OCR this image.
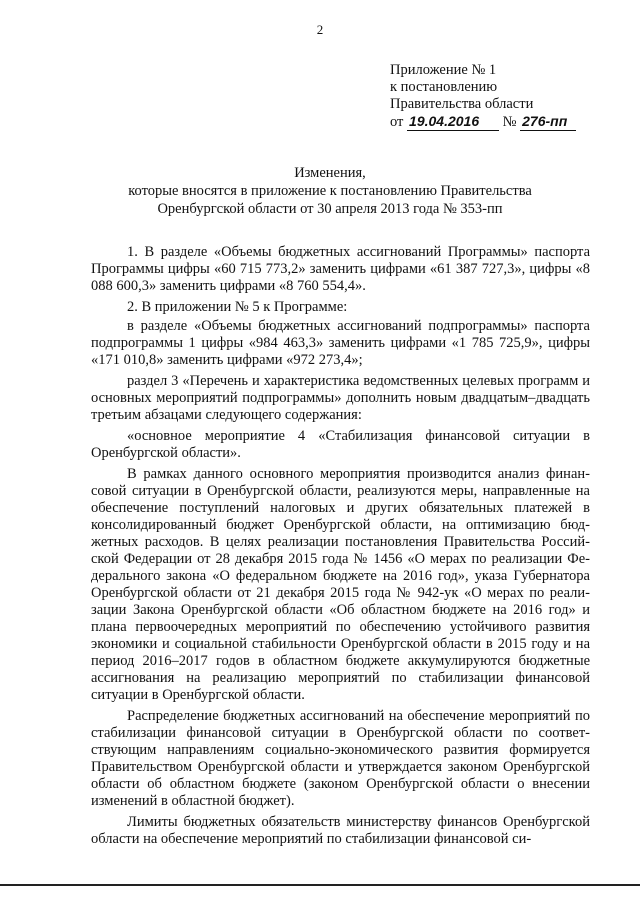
2
Приложение № 1
к постановлению
Правительства области
от 19.04.2016 № 276-пп
Изменения,
которые вносятся в приложение к постановлению Правительства
Оренбургской области от 30 апреля 2013 года № 353-пп

1. В разделе «Объемы бюджетных ассигнований Программы» паспорта Программы цифры «60 715 773,2» заменить цифрами «61 387 727,3», цифры «8 088 600,3» заменить цифрами «8 760 554,4».

2. В приложении № 5 к Программе:

в разделе «Объемы бюджетных ассигнований подпрограммы» паспорта подпрограммы 1 цифры «984 463,3» заменить цифрами «1 785 725,9», цифры «171 010,8» заменить цифрами «972 273,4»;

раздел 3 «Перечень и характеристика ведомственных целевых программ и основных мероприятий подпрограммы» дополнить новым двадцатым–двадцать третьим абзацами следующего содержания:

«основное мероприятие 4 «Стабилизация финансовой ситуации в Оренбургской области».

В рамках данного основного мероприятия производится анализ финансовой ситуации в Оренбургской области, реализуются меры, направленные на обеспечение поступлений налоговых и других обязательных платежей в консолидированный бюджет Оренбургской области, на оптимизацию бюджетных расходов. В целях реализации постановления Правительства Российской Федерации от 28 декабря 2015 года № 1456 «О мерах по реализации Федерального закона «О федеральном бюджете на 2016 год», указа Губернатора Оренбургской области от 21 декабря 2015 года № 942-ук «О мерах по реализации Закона Оренбургской области «Об областном бюджете на 2016 год» и плана первоочередных мероприятий по обеспечению устойчивого развития экономики и социальной стабильности Оренбургской области в 2015 году и на период 2016–2017 годов в областном бюджете аккумулируются бюджетные ассигнования на реализацию мероприятий по стабилизации финансовой ситуации в Оренбургской области.

Распределение бюджетных ассигнований на обеспечение мероприятий по стабилизации финансовой ситуации в Оренбургской области по соответствующим направлениям социально-экономического развития формируется Правительством Оренбургской области и утверждается законом Оренбургской области об областном бюджете (законом Оренбургской области о внесении изменений в областной бюджет).

Лимиты бюджетных обязательств министерству финансов Оренбургской области на обеспечение мероприятий по стабилизации финансовой си-
